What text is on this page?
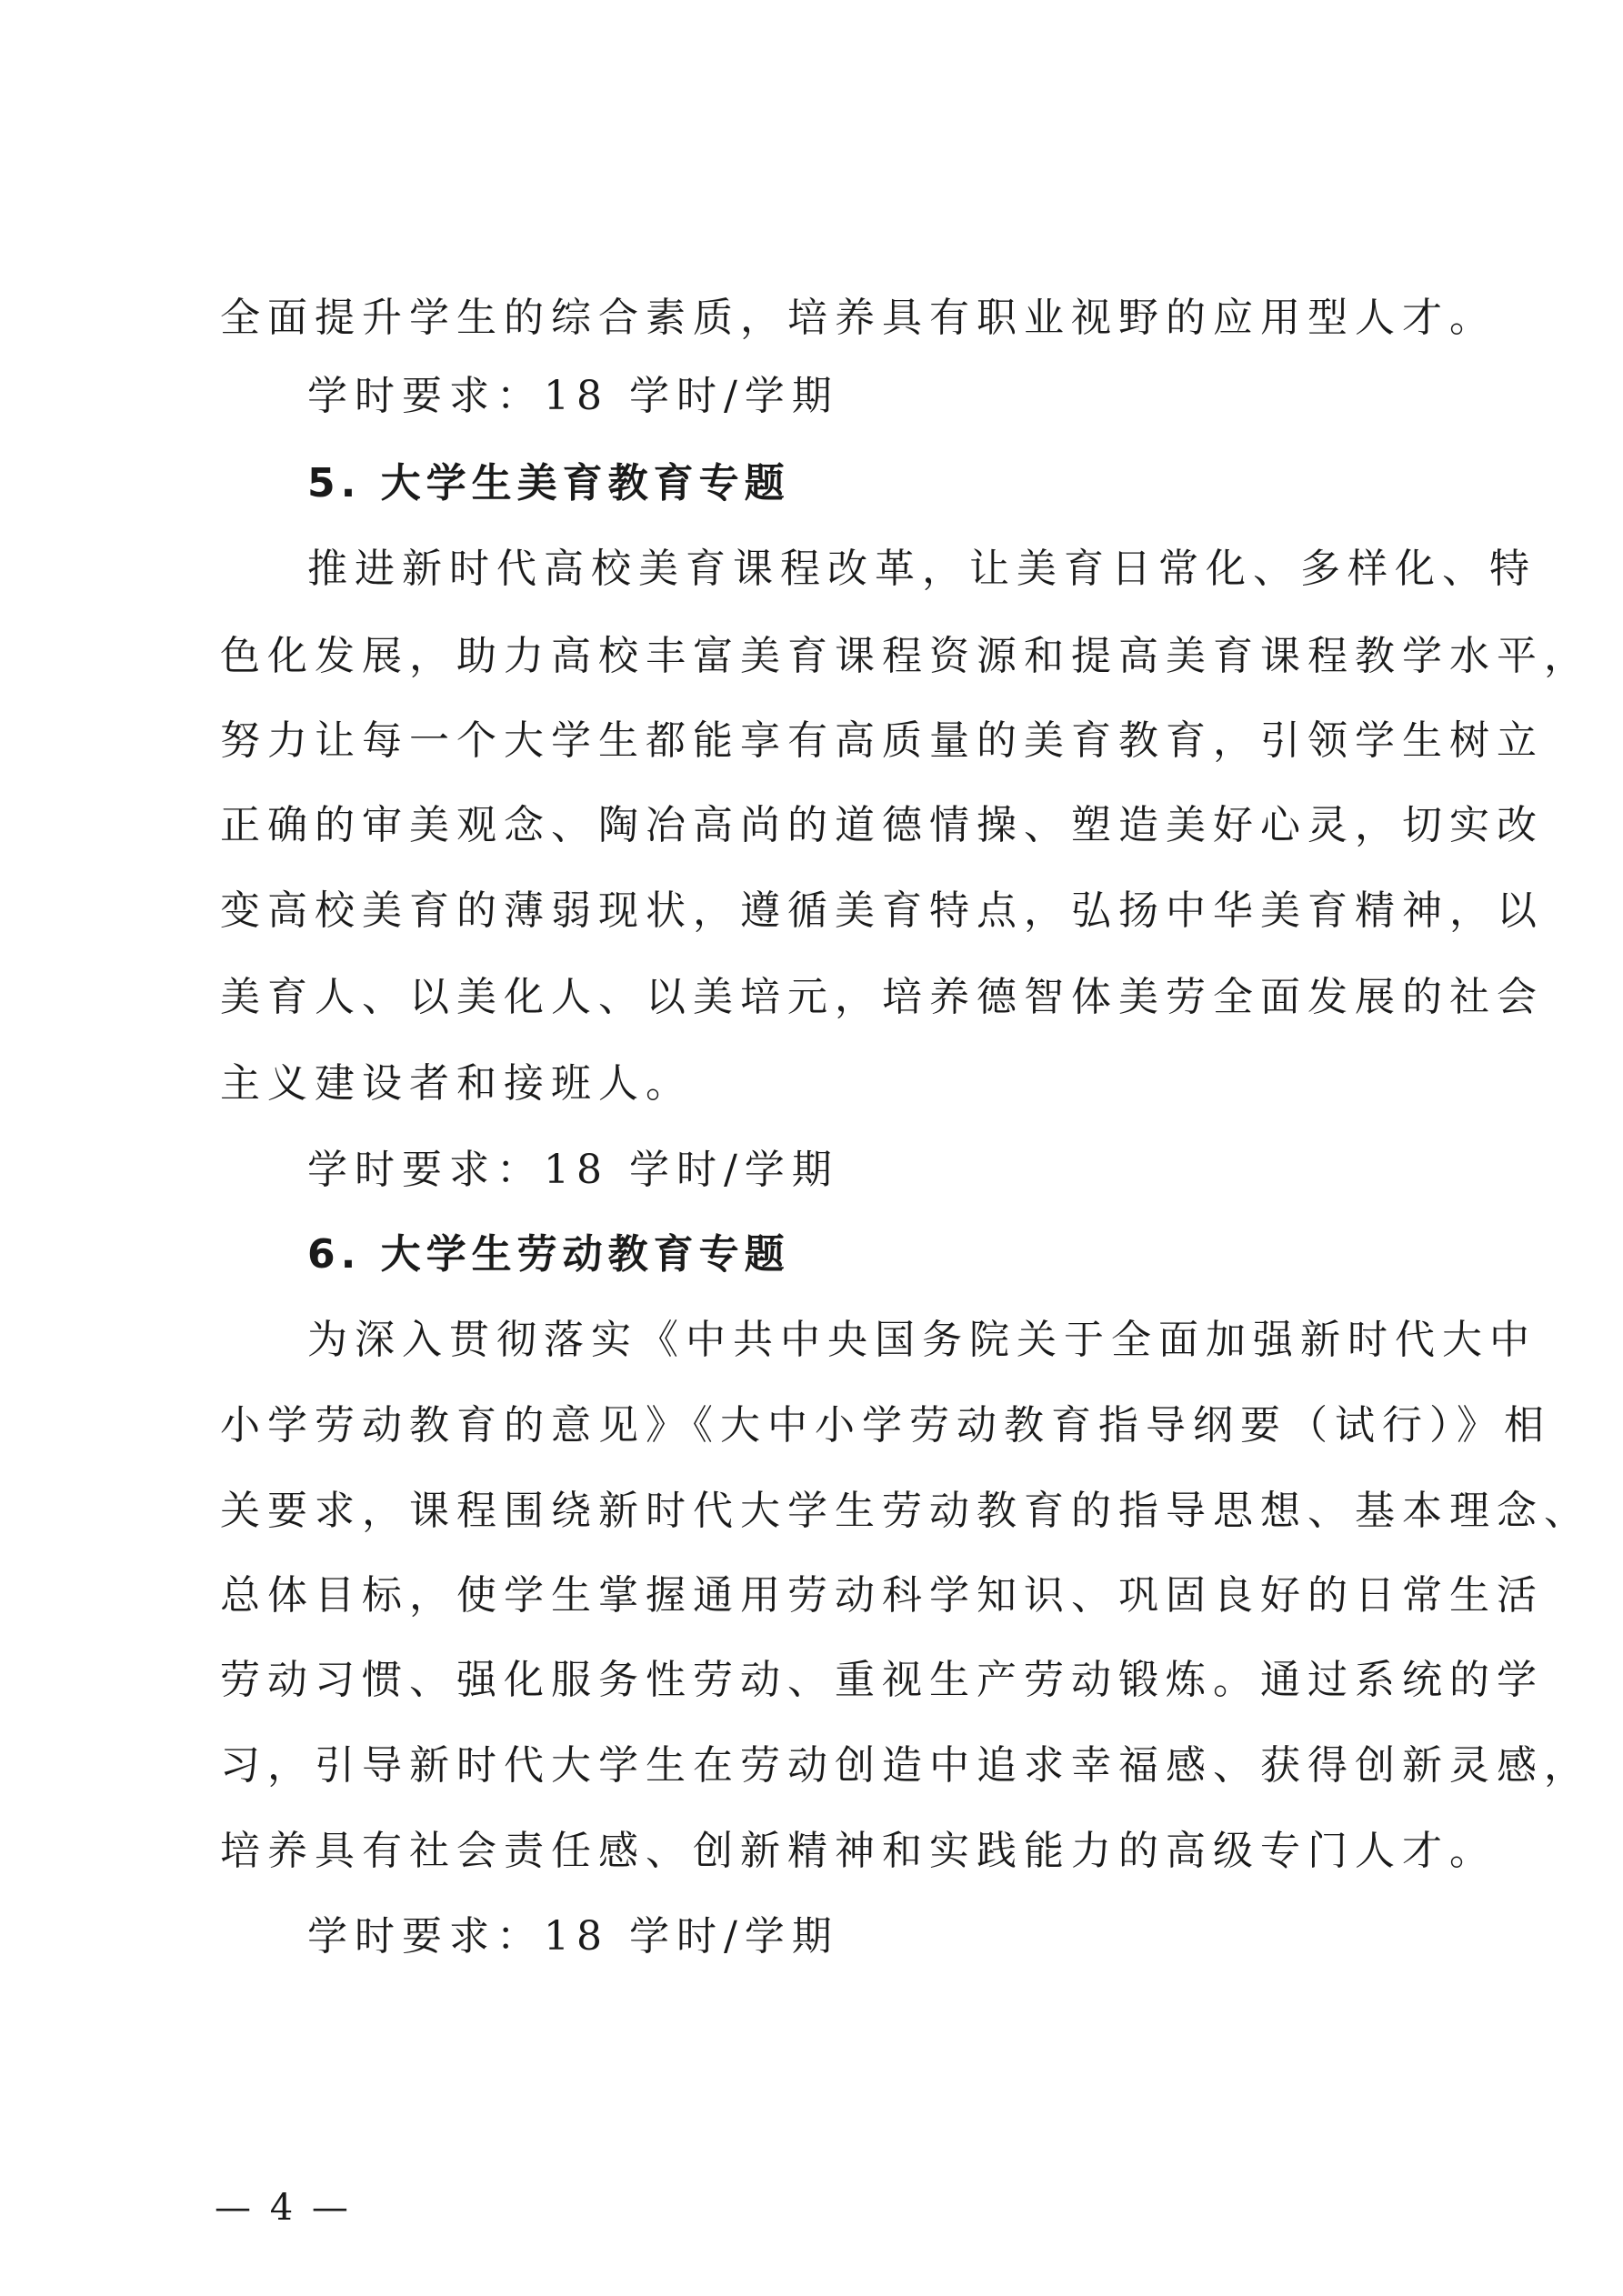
全面提升学生的综合素质，培养具有职业视野的应用型人才。
学时要求：18 学时/学期
5. 大学生美育教育专题
推进新时代高校美育课程改革，让美育日常化、多样化、特
色化发展，助力高校丰富美育课程资源和提高美育课程教学水平，
努力让每一个大学生都能享有高质量的美育教育，引领学生树立
正确的审美观念、陶冶高尚的道德情操、塑造美好心灵，切实改
变高校美育的薄弱现状，遵循美育特点，弘扬中华美育精神，以
美育人、以美化人、以美培元，培养德智体美劳全面发展的社会
主义建设者和接班人。
学时要求：18 学时/学期
6. 大学生劳动教育专题
为深入贯彻落实《中共中央国务院关于全面加强新时代大中
小学劳动教育的意见》《大中小学劳动教育指导纲要（试行）》相
关要求，课程围绕新时代大学生劳动教育的指导思想、基本理念、
总体目标，使学生掌握通用劳动科学知识、巩固良好的日常生活
劳动习惯、强化服务性劳动、重视生产劳动锻炼。通过系统的学
习，引导新时代大学生在劳动创造中追求幸福感、获得创新灵感，
培养具有社会责任感、创新精神和实践能力的高级专门人才。
学时要求：18 学时/学期
— 4 —
